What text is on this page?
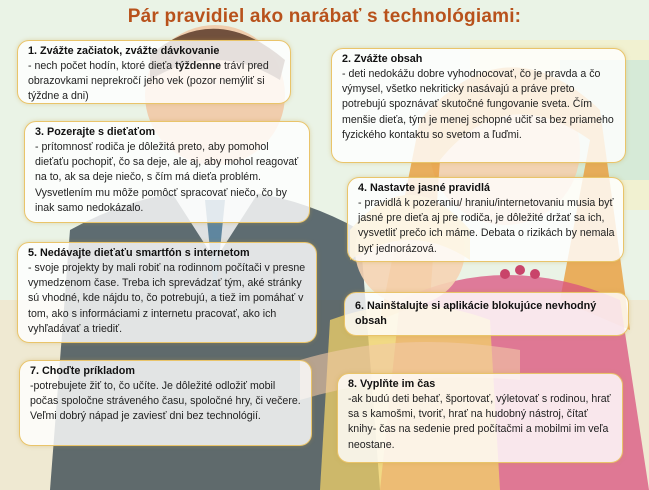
Pár pravidiel ako narábať s technológiami:
1. Zvážte začiatok, zvážte dávkovanie

- nech počet hodín, ktoré dieťa týždenne tráví pred obrazovkami neprekročí jeho vek (pozor nemýliť si týždne a dni)

2. Zvážte obsah

- deti nedokážu dobre vyhodnocovať, čo je pravda a čo výmysel, všetko nekriticky nasávajú a práve preto potrebujú spoznávať skutočné fungovanie sveta. Čím menšie dieťa, tým je menej schopné učiť sa bez priameho fyzického kontaktu so svetom a ľuďmi.

3. Pozerajte s dieťaťom

- prítomnosť rodiča je dôležitá preto, aby pomohol dieťaťu pochopiť, čo sa deje, ale aj, aby mohol reagovať na to, ak sa deje niečo, s čím má dieťa problém. Vysvetlením mu môže pomôcť spracovať niečo, čo by inak samo nedokázalo.

4. Nastavte jasné pravidlá

- pravidlá k pozeraniu/ hraniu/internetovaniu musia byť jasné pre dieťa aj pre rodiča, je dôležité držať sa ich, vysvetliť prečo ich máme. Debata o rizikách by nemala byť jednorázová.

5. Nedávajte dieťaťu smartfón s internetom

- svoje projekty by mali robiť na rodinnom počítači v presne vymedzenom čase. Treba ich sprevádzať tým, aké stránky sú vhodné, kde nájdu to, čo potrebujú, a tiež im pomáhať v tom, ako s informáciami z internetu pracovať, ako ich vyhľadávať a triediť.

6. Nainštalujte si aplikácie blokujúce nevhodný obsah
7. Choďte príkladom

-potrebujete žiť to, čo učíte. Je dôležité odložiť mobil počas spoločne stráveného času, spoločné hry, či večere. Veľmi dobrý nápad je zaviesť dni bez technológií.

8. Vyplňte im čas

-ak budú deti behať, športovať, výletovať s rodinou, hrať sa s kamošmi, tvoriť, hrať na hudobný nástroj, čítať knihy- čas na sedenie pred počítačmi a mobilmi im veľa neostane.
